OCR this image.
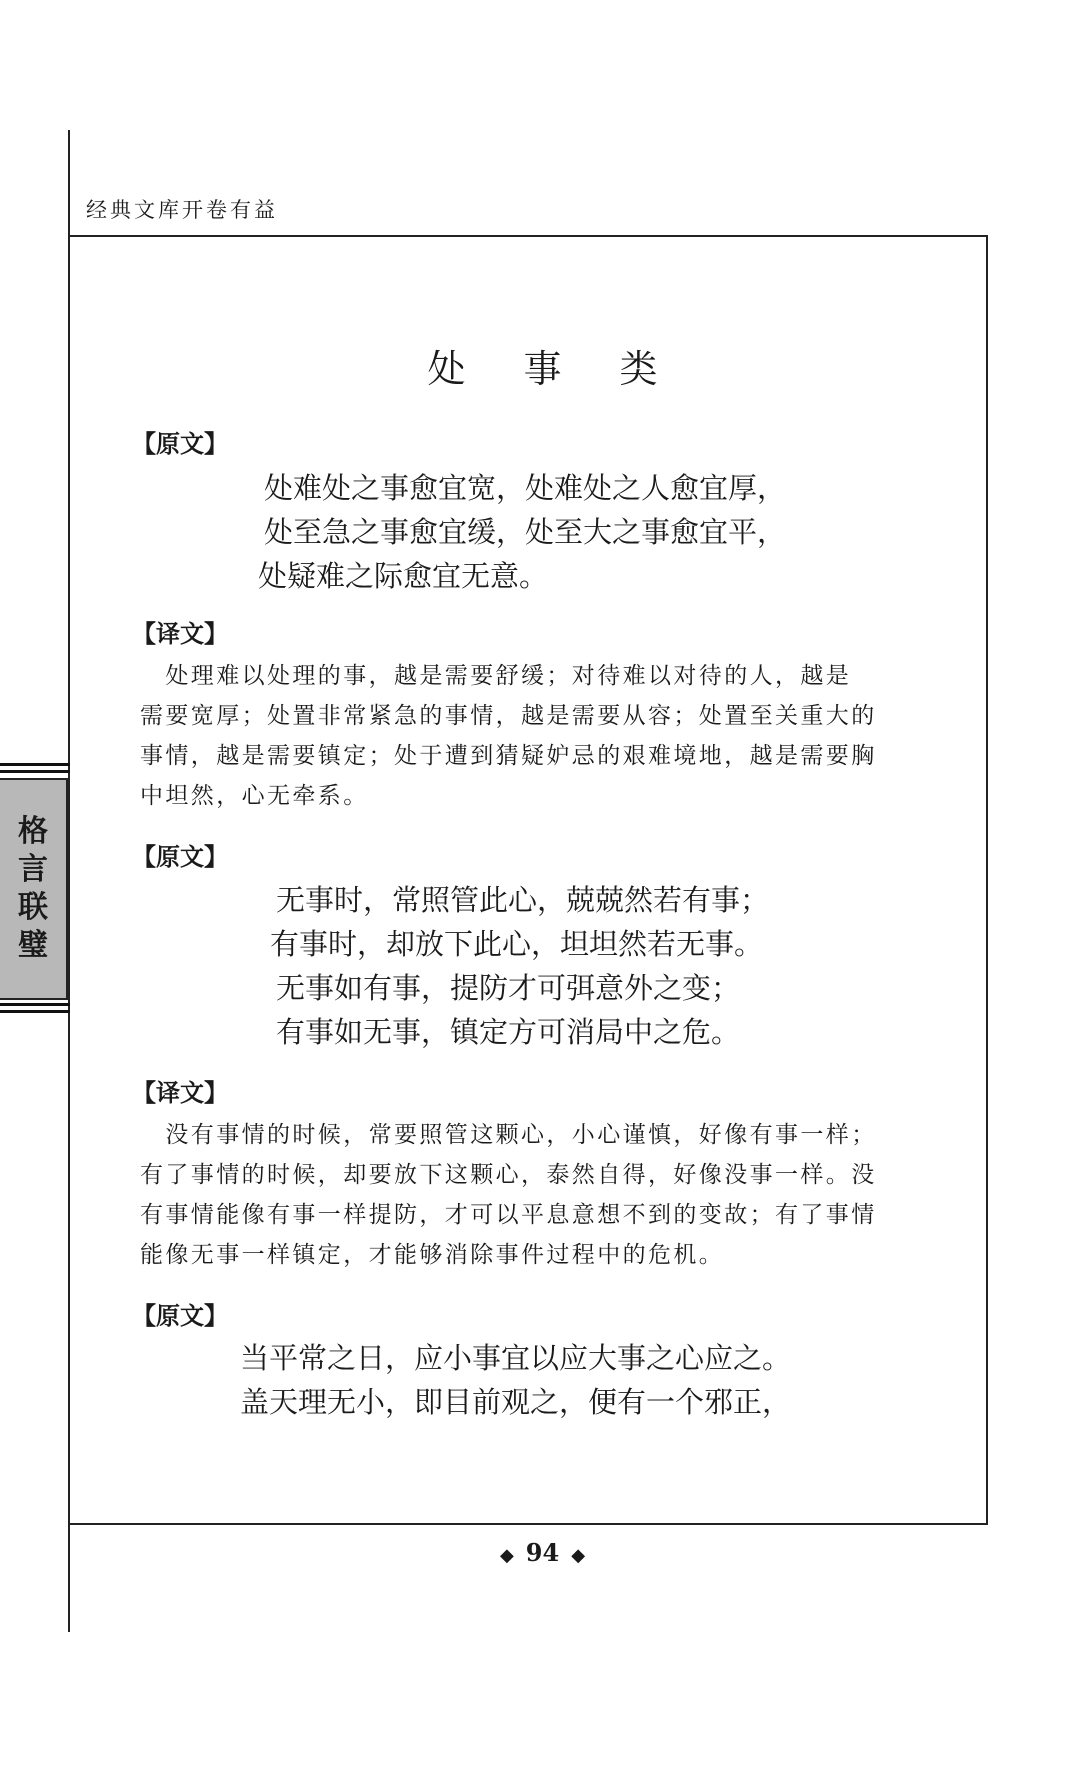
经典文库开卷有益
格
言
联
璧
处事类
【原文】
处难处之事愈宜宽，处难处之人愈宜厚，
处至急之事愈宜缓，处至大之事愈宜平，
处疑难之际愈宜无意。
【译文】
　处理难以处理的事，越是需要舒缓；对待难以对待的人，越是
需要宽厚；处置非常紧急的事情，越是需要从容；处置至关重大的
事情，越是需要镇定；处于遭到猜疑妒忌的艰难境地，越是需要胸
中坦然，心无牵系。
【原文】
无事时，常照管此心，兢兢然若有事；
有事时，却放下此心，坦坦然若无事。
无事如有事，提防才可弭意外之变；
有事如无事，镇定方可消局中之危。
【译文】
　没有事情的时候，常要照管这颗心，小心谨慎，好像有事一样；
有了事情的时候，却要放下这颗心，泰然自得，好像没事一样。没
有事情能像有事一样提防，才可以平息意想不到的变故；有了事情
能像无事一样镇定，才能够消除事件过程中的危机。
【原文】
当平常之日，应小事宜以应大事之心应之。
盖天理无小，即目前观之，便有一个邪正，
◆ 94 ◆
